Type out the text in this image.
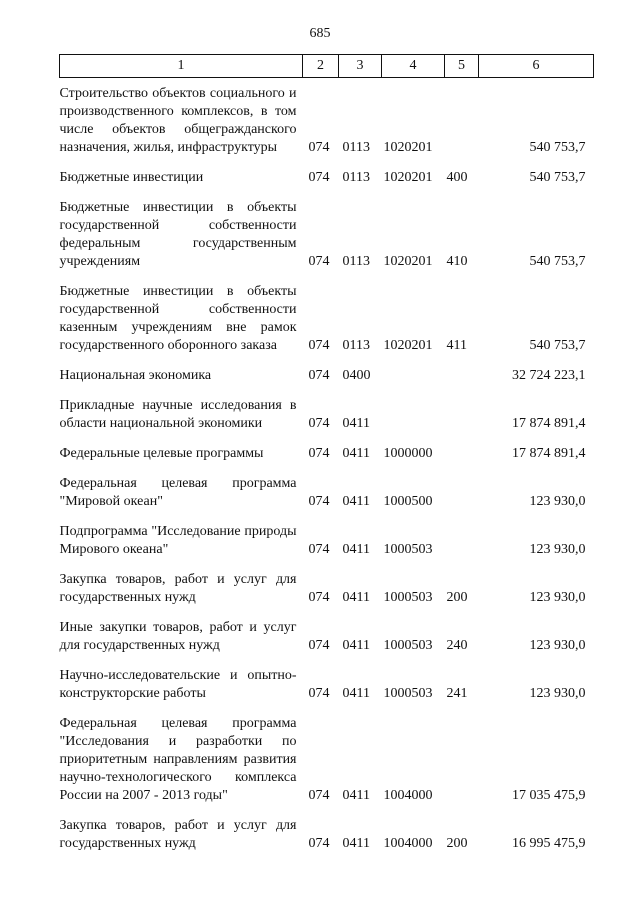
685
1	2	3	4	5	6
Строительство объектов социального и производственного комплексов, в том числе объектов общегражданского назначения, жилья, инфраструктуры	074	0113	1020201		540 753,7
Бюджетные инвестиции	074	0113	1020201	400	540 753,7
Бюджетные инвестиции в объекты государственной собственности федеральным государственным учреждениям	074	0113	1020201	410	540 753,7
Бюджетные инвестиции в объекты государственной собственности казенным учреждениям вне рамок государственного оборонного заказа	074	0113	1020201	411	540 753,7
Национальная экономика	074	0400			32 724 223,1
Прикладные научные исследования в области национальной экономики	074	0411			17 874 891,4
Федеральные целевые программы	074	0411	1000000		17 874 891,4
Федеральная целевая программа "Мировой океан"	074	0411	1000500		123 930,0
Подпрограмма "Исследование природы Мирового океана"	074	0411	1000503		123 930,0
Закупка товаров, работ и услуг для государственных нужд	074	0411	1000503	200	123 930,0
Иные закупки товаров, работ и услуг для государственных нужд	074	0411	1000503	240	123 930,0
Научно-исследовательские и опытно-конструкторские работы	074	0411	1000503	241	123 930,0
Федеральная целевая программа "Исследования и разработки по приоритетным направлениям развития научно-технологического комплекса России на 2007 - 2013 годы"	074	0411	1004000		17 035 475,9
Закупка товаров, работ и услуг для государственных нужд	074	0411	1004000	200	16 995 475,9
